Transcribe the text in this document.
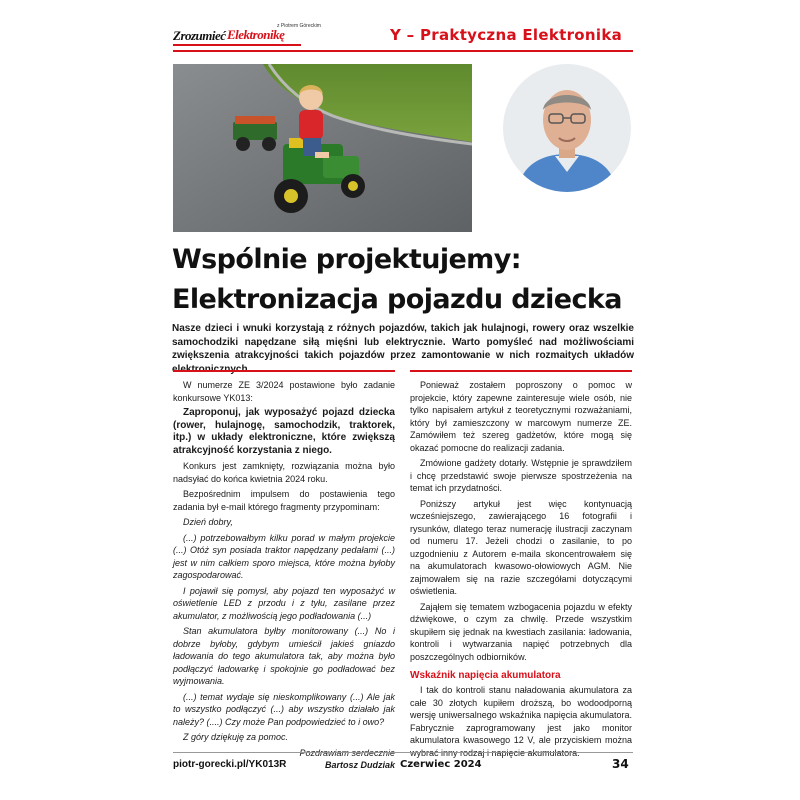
Zrozumieć Elektronikę
z Piotrem Góreckim	Y – Praktyczna Elektronika
Wspólnie projektujemy:
Elektronizacja pojazdu dziecka
Nasze dzieci i wnuki korzystają z różnych pojazdów, takich jak hulajnogi, rowery oraz wszelkie samochodziki napędzane siłą mięśni lub elektrycznie. Warto pomyśleć nad możliwościami zwiększenia atrakcyjności takich pojazdów przez zamontowanie w nich rozmaitych układów

W numerze ZE 3/2024 postawione było zadanie konkursowe YK013:

Zaproponuj, jak wyposażyć pojazd dziecka (rower, hulajnogę, samochodzik, traktorek, itp.) w układy elektroniczne, które zwiększą atrakcyjność korzystania z niego.

Konkurs jest zamknięty, rozwiązania można było nadsyłać do końca kwietnia 2024 roku.

Bezpośrednim impulsem do postawienia tego zadania był e-mail którego fragmenty przypominam:

Dzień dobry,

(...) potrzebowałbym kilku porad w małym projekcie (...) Otóż syn posiada traktor napędzany pedałami (...) jest w nim całkiem sporo miejsca, które można byłoby zagospodarować.

I pojawił się pomysł, aby pojazd ten wyposażyć w oświetlenie LED z przodu i z tyłu, zasilane przez akumulator, z możliwością jego podładowania (...)

Stan akumulatora byłby monitorowany (...) No i dobrze byłoby, gdybym umieścił jakieś gniazdo ładowania do tego akumulatora tak, aby można było podłączyć ładowarkę i spokojnie go podładować bez wyjmowania.

(...) temat wydaje się nieskomplikowany (...) Ale jak to wszystko podłączyć (...) aby wszystko działało jak należy? (....) Czy może Pan podpowiedzieć to i owo?

Z góry dziękuję za pomoc.

Bartosz Dudziak

Ponieważ zostałem poproszony o pomoc w projekcie, który zapewne zainteresuje wiele osób, nie tylko napisałem artykuł z teoretycznymi rozważaniami, który był zamieszczony w marcowym numerze ZE. Zamówiłem też szereg gadżetów, które mogą się okazać pomocne do realizacji zadania.

Zmówione gadżety dotarły. Wstępnie je sprawdziłem i chcę przedstawić swoje pierwsze spostrzeżenia na temat ich przydatności.

Poniższy artykuł jest więc kontynuacją wcześniejszego, zawierającego 16 fotografii i rysunków, dlatego teraz numerację ilustracji zaczynam od numeru 17. Jeżeli chodzi o zasilanie, to po uzgodnieniu z Autorem e-maila skoncentrowałem się na akumulatorach kwasowo-ołowiowych AGM. Nie zajmowałem się na razie szczegółami dotyczącymi oświetlenia.

Zająłem się tematem wzbogacenia pojazdu w efekty dźwiękowe, o czym za chwilę. Przede wszystkim skupiłem się jednak na kwestiach zasilania: ładowania, kontroli i wytwarzania napięć potrzebnych dla poszczególnych odbiorników.

Wskaźnik napięcia akumulatora

I tak do kontroli stanu naładowania akumulatora za całe 30 złotych kupiłem droższą, bo wodoodporną wersję uniwersalnego wskaźnika napięcia akumulatora. Fabrycznie zaprogramowany jest jako monitor akumulatora kwasowego 12 V, ale przyciskiem można

piotr-gorecki.pl/YK013R	Czerwiec 2024	34
